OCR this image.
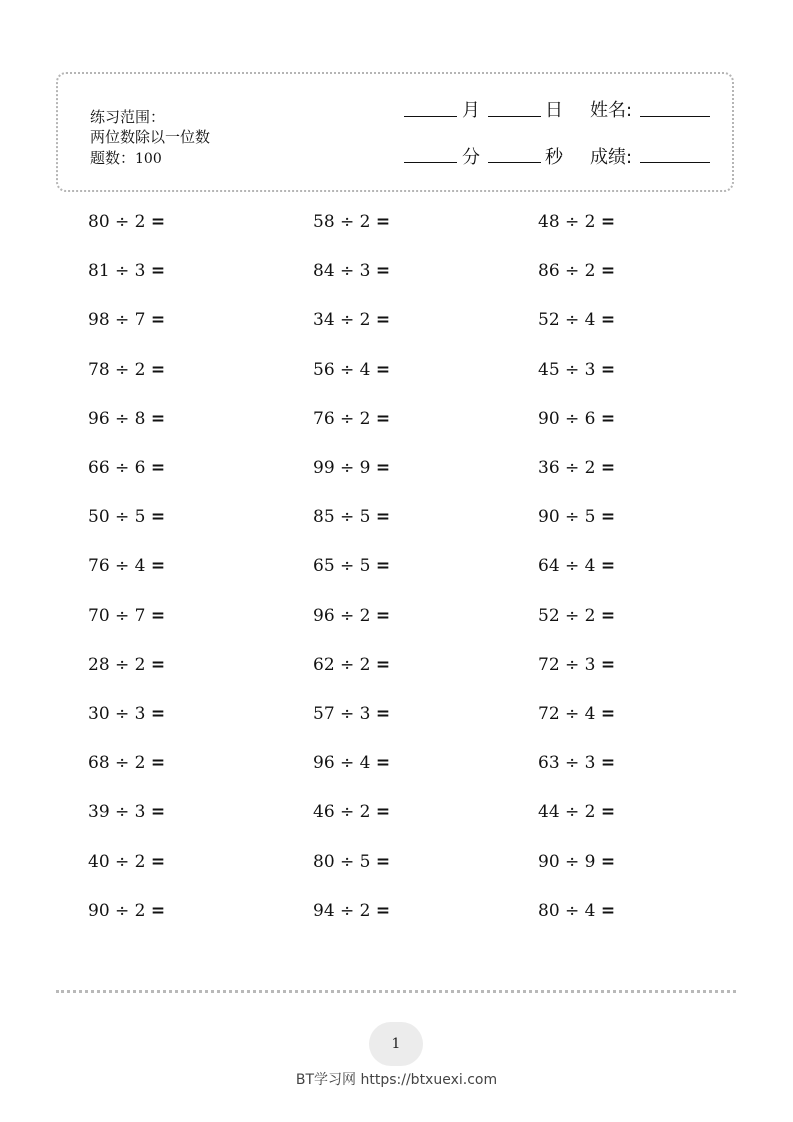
练习范围：
两位数除以一位数
题数：100
月	日 姓名:
分	秒 成绩:
80 ÷ 2 =
81 ÷ 3 =
98 ÷ 7 =
78 ÷ 2 =
96 ÷ 8 =
66 ÷ 6 =
50 ÷ 5 =
76 ÷ 4 =
70 ÷ 7 =
28 ÷ 2 =
30 ÷ 3 =
68 ÷ 2 =
39 ÷ 3 =
40 ÷ 2 =
90 ÷ 2 =
58 ÷ 2 =
84 ÷ 3 =
34 ÷ 2 =
56 ÷ 4 =
76 ÷ 2 =
99 ÷ 9 =
85 ÷ 5 =
65 ÷ 5 =
96 ÷ 2 =
62 ÷ 2 =
57 ÷ 3 =
96 ÷ 4 =
46 ÷ 2 =
80 ÷ 5 =
94 ÷ 2 =
48 ÷ 2 =
86 ÷ 2 =
52 ÷ 4 =
45 ÷ 3 =
90 ÷ 6 =
36 ÷ 2 =
90 ÷ 5 =
64 ÷ 4 =
52 ÷ 2 =
72 ÷ 3 =
72 ÷ 4 =
63 ÷ 3 =
44 ÷ 2 =
90 ÷ 9 =
80 ÷ 4 =
1
BT学习网 https://btxuexi.com
